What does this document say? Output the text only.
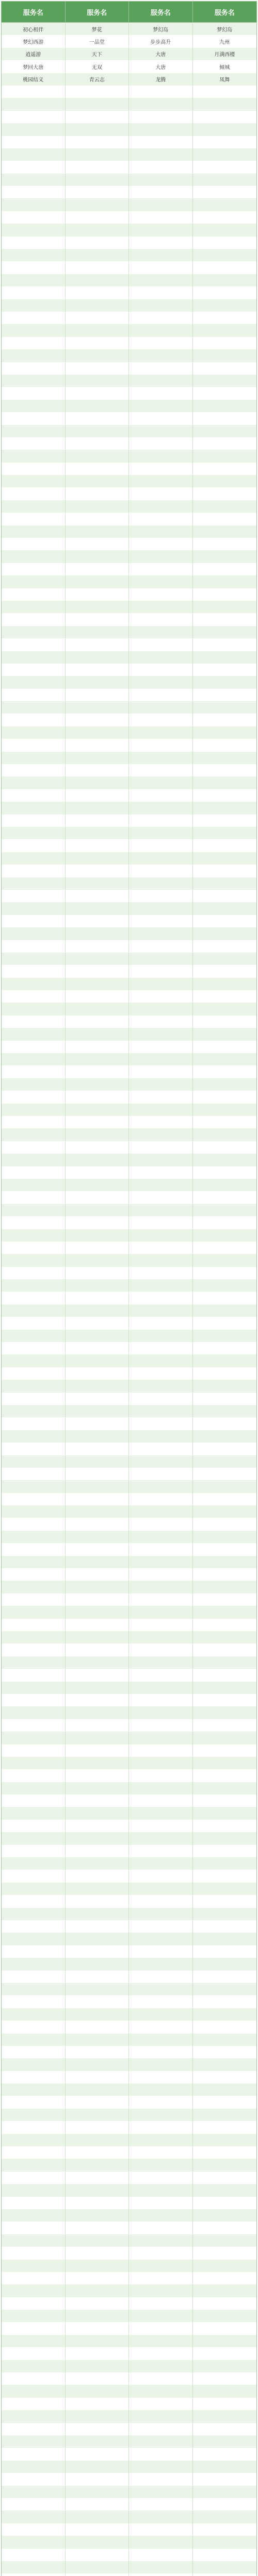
服务名	服务名	服务名	服务名
初心相伴	梦花	梦幻岛	梦幻岛
梦幻西游	一品堂	步步高升	九州
逍遥游	天下	大唐	月满西楼
梦回大唐	无双	大唐	倾城
桃园结义	青云志	龙腾	凤舞
